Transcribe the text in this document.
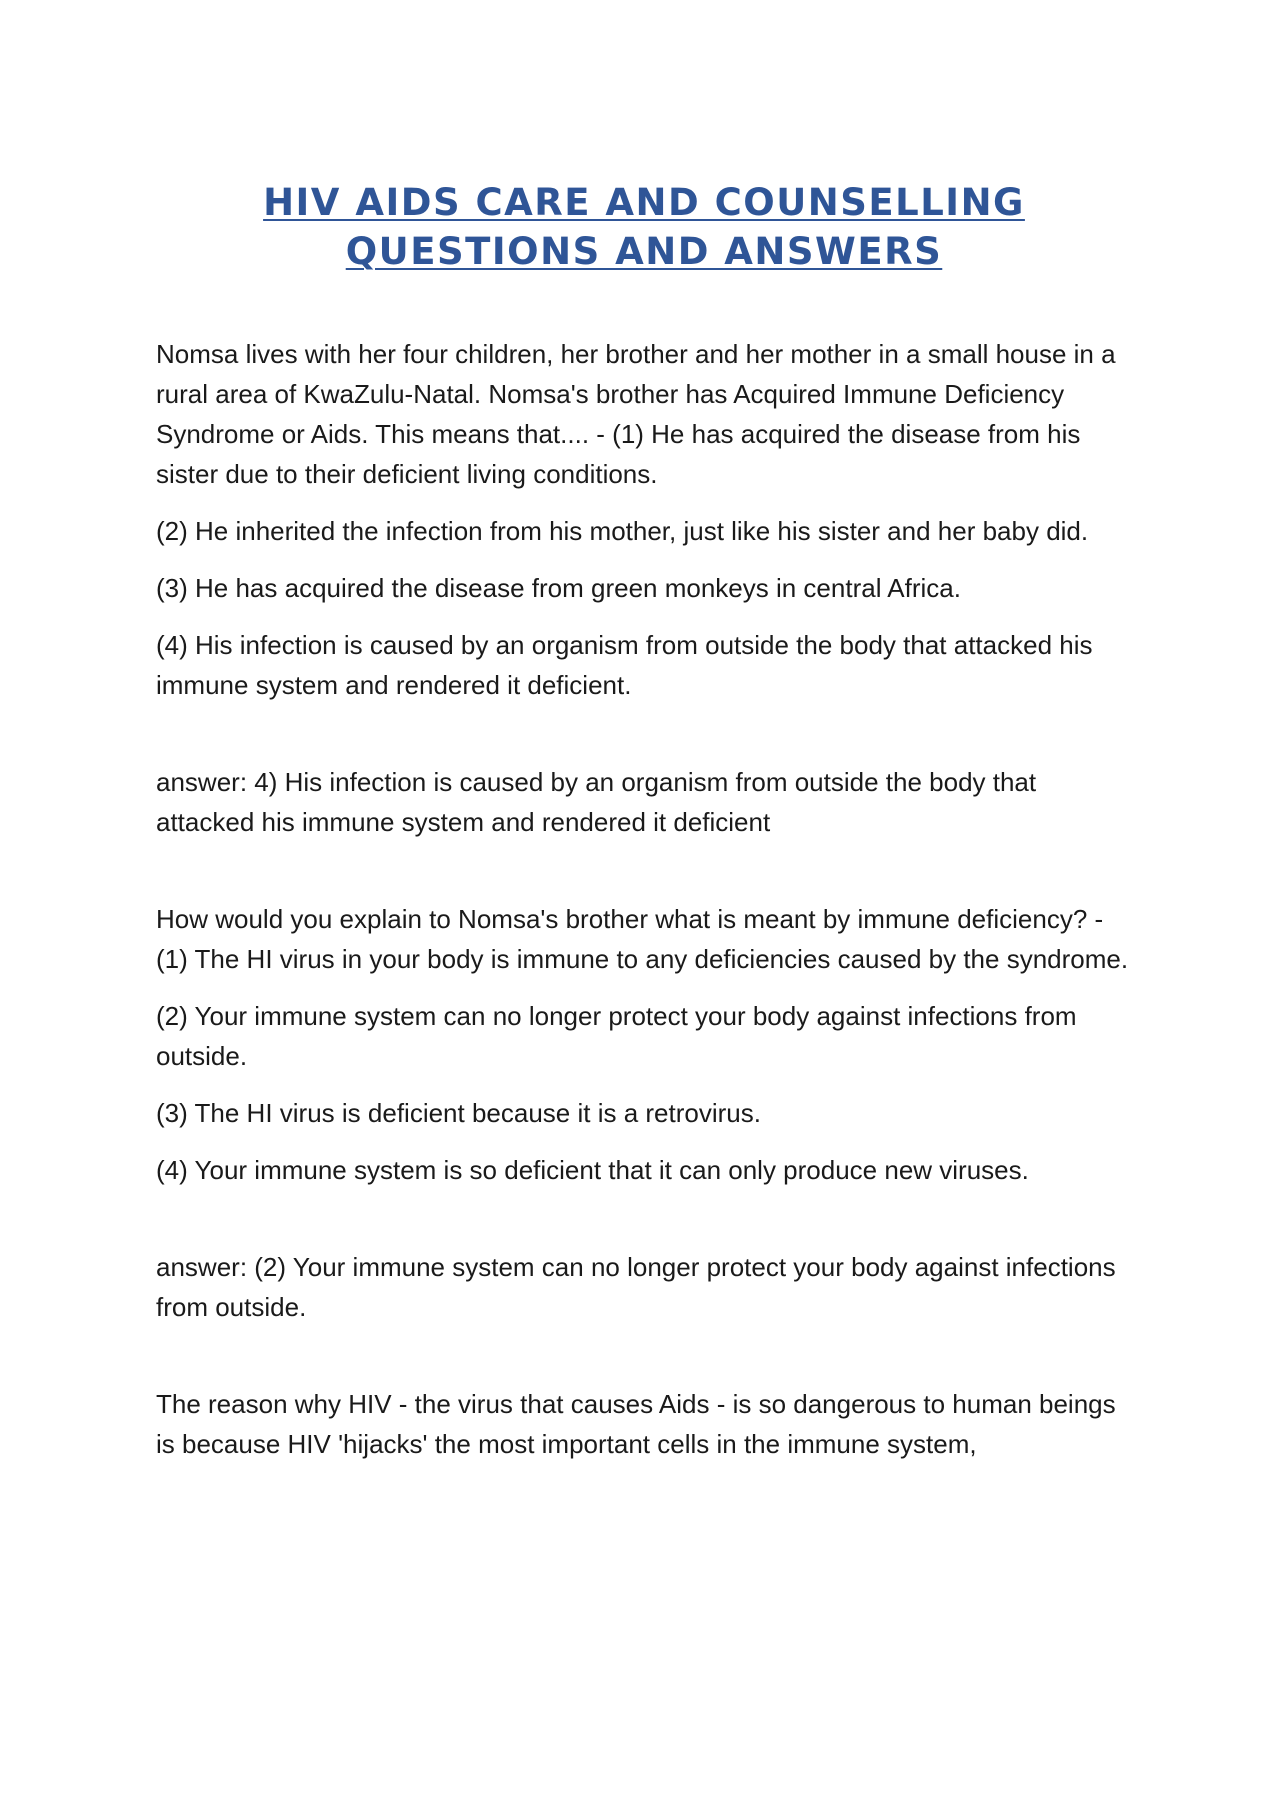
HIV AIDS CARE AND COUNSELLING
QUESTIONS AND ANSWERS

Nomsa lives with her four children, her brother and her mother in a small house in a rural area of KwaZulu-Natal. Nomsa's brother has Acquired Immune Deficiency Syndrome or Aids. This means that.... - (1) He has acquired the disease from his sister due to their deficient living conditions.

(2) He inherited the infection from his mother, just like his sister and her baby did.

(3) He has acquired the disease from green monkeys in central Africa.

(4) His infection is caused by an organism from outside the body that attacked his immune system and rendered it deficient.

answer: 4) His infection is caused by an organism from outside the body that attacked his immune system and rendered it deficient

How would you explain to Nomsa's brother what is meant by immune deficiency? - (1) The HI virus in your body is immune to any deficiencies caused by the syndrome.

(2) Your immune system can no longer protect your body against infections from outside.

(3) The HI virus is deficient because it is a retrovirus.

(4) Your immune system is so deficient that it can only produce new viruses.

answer: (2) Your immune system can no longer protect your body against infections from outside.

The reason why HIV - the virus that causes Aids - is so dangerous to human beings is because HIV 'hijacks' the most important cells in the immune system,
